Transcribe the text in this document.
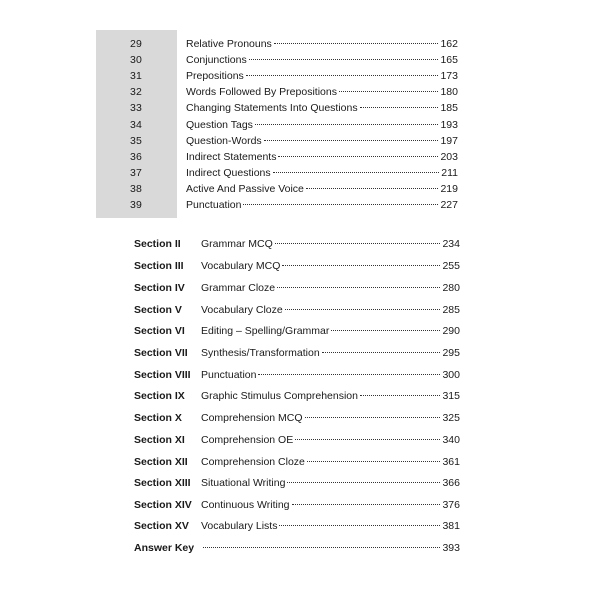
29	Relative Pronouns	162
30	Conjunctions	165
31	Prepositions	173
32	Words Followed By Prepositions	180
33	Changing Statements Into Questions	185
34	Question Tags	193
35	Question-Words	197
36	Indirect Statements	203
37	Indirect Questions	211
38	Active And Passive Voice	219
39	Punctuation	227
Section II	Grammar MCQ	234
Section III	Vocabulary MCQ	255
Section IV	Grammar Cloze	280
Section V	Vocabulary Cloze	285
Section VI	Editing – Spelling/Grammar	290
Section VII	Synthesis/Transformation	295
Section VIII Punctuation	300
Section IX	Graphic Stimulus Comprehension	315
Section X	Comprehension MCQ	325
Section XI	Comprehension OE	340
Section XII	Comprehension Cloze	361
Section XIII Situational Writing	366
Section XIV Continuous Writing	376
Section XV	Vocabulary Lists	381
Answer Key	393
